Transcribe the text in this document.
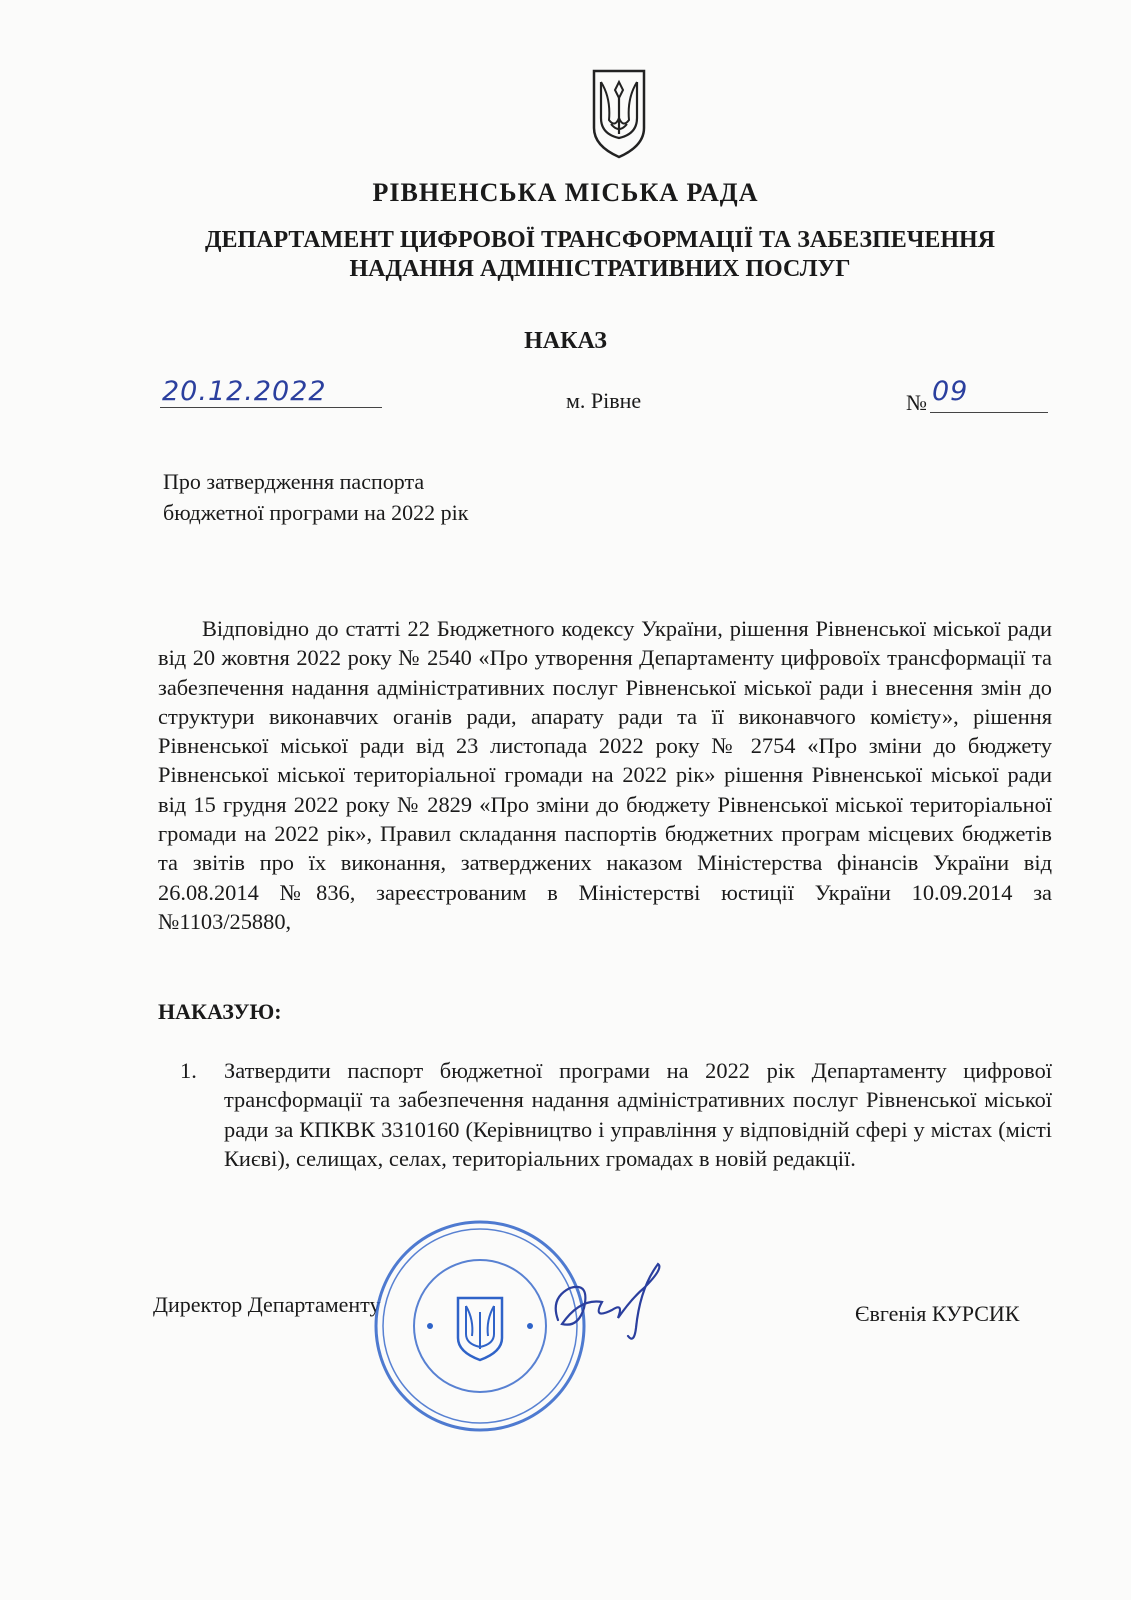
РІВНЕНСЬКА МІСЬКА РАДА
ДЕПАРТАМЕНТ ЦИФРОВОЇ ТРАНСФОРМАЦІЇ ТА ЗАБЕЗПЕЧЕННЯ
НАДАННЯ АДМІНІСТРАТИВНИХ ПОСЛУГ
НАКАЗ
20.12.2022	м. Рівне	№ 09
Про затвердження паспорта
бюджетної програми на 2022 рік
Відповідно до статті 22 Бюджетного кодексу України, рішення Рівненської міської ради від 20 жовтня 2022 року № 2540 «Про утворення Департаменту цифровоїх трансформації та забезпечення надання адміністративних послуг Рівненської міської ради і внесення змін до структури виконавчих оганів ради, апарату ради та її виконавчого комієту», рішення Рівненської міської ради від 23 листопада 2022 року № 2754 «Про зміни до бюджету Рівненської міської територіальної громади на 2022 рік» рішення Рівненської міської ради від 15 грудня 2022 року № 2829 «Про зміни до бюджету Рівненської міської територіальної громади на 2022 рік», Правил складання паспортів бюджетних програм місцевих бюджетів та звітів про їх виконання, затверджених наказом Міністерства фінансів України від 26.08.2014 №836, зареєстрованим в Міністерстві юстиції України 10.09.2014 за №1103/25880,
НАКАЗУЮ:
1. Затвердити паспорт бюджетної програми на 2022 рік Департаменту цифрової трансформації та забезпечення надання адміністративних послуг Рівненської міської ради за КПКВК 3310160 (Керівництво і управління у відповідній сфері у містах (місті Києві), селищах, селах, територіальних громадах в новій редакції.
Директор Департаменту	Євгенія КУРСИК
